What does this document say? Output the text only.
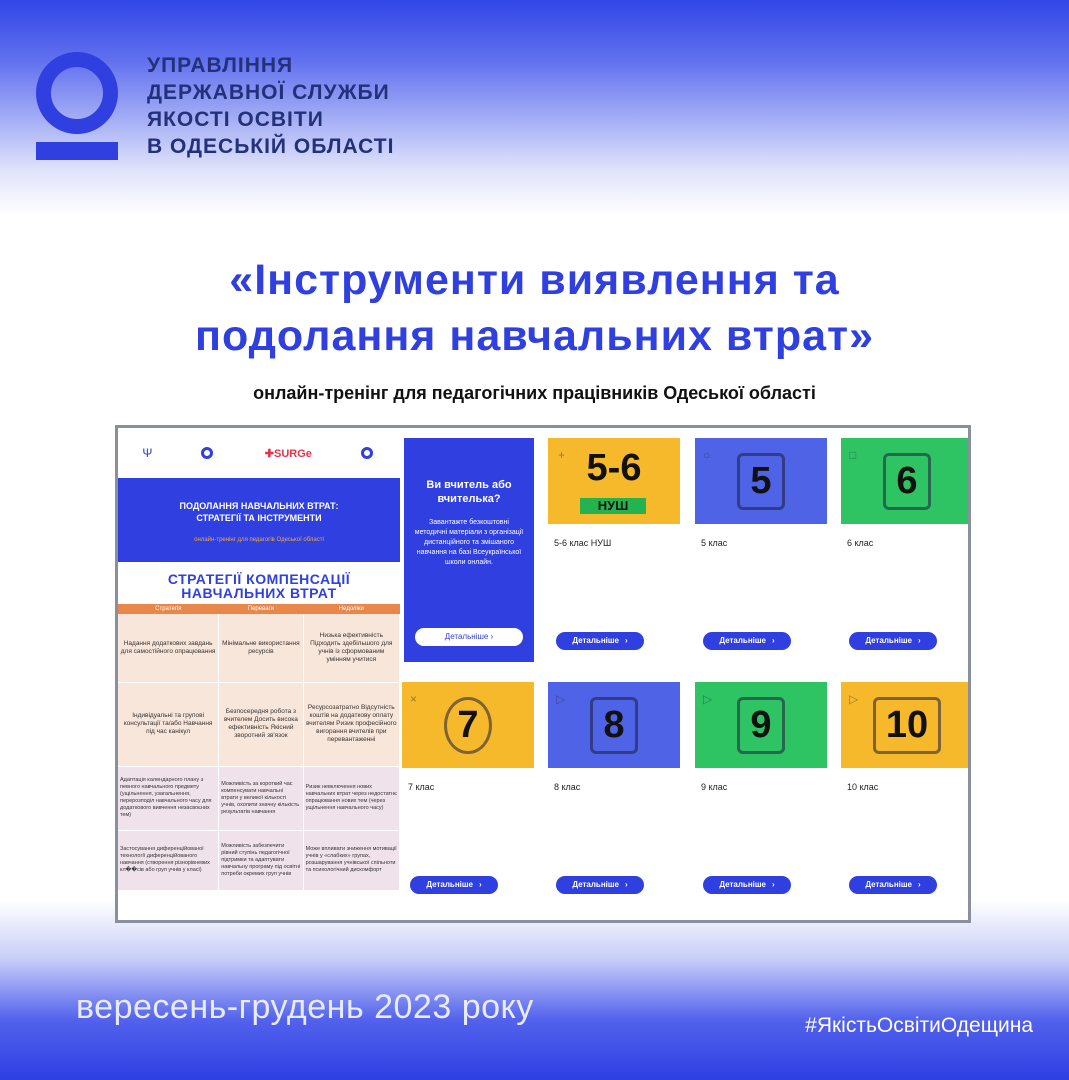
УПРАВЛІННЯ
ДЕРЖАВНОЇ СЛУЖБИ
ЯКОСТІ ОСВІТИ
В ОДЕСЬКІЙ ОБЛАСТІ
«Інструменти виявлення та
подолання навчальних втрат»
онлайн-тренінг для педагогічних працівників Одеської області
Ψ	✚SURGe
ПОДОЛАННЯ НАВЧАЛЬНИХ ВТРАТ:
СТРАТЕГІЇ ТА ІНСТРУМЕНТИ
онлайн-тренінг для педагогів Одеської області
СТРАТЕГІЇ КОМПЕНСАЦІЇ
НАВЧАЛЬНИХ ВТРАТ
Стратегія	Переваги	Недоліки
Надання додаткових завдань для самостійного опрацювання	Мінімальне використання ресурсів	Низька ефективність Підходить здебільшого для учнів із сформованим умінням учитися
Індивідуальні та групові консультації та/або Навчання під час канікул	Безпосередня робота з вчителем Досить висока ефективність Якісний зворотний зв'язок	Ресурсозатратно Відсутність коштів на додаткову оплату вчителям Ризик професійного вигорання вчителів при перевантаженні
Адаптація календарного плану з певного навчального предмету (ущільнення, узагальнення, перерозподіл навчального часу для додаткового вивчення незасвоєних тем)	Можливість за короткий час компенсувати навчальні втрати у великої кількості учнів, охопити значну кількість результатів навчання	Ризик невключення нових навчальних втрат через недостатнє опрацювання нових тем (через ущільнення навчального часу)
Застосування диференційованої технології диференційованого навчання (створення різнорівневих кл��сів або груп учнів у класі)	Можливість забезпечити рівний ступінь педагогічної підтримки та адаптувати навчальну програму під освітні потреби окремих груп учнів	Може впливати зниження мотивації учнів у «слабких» групах, розшарування учнівської спільноти та психологічний дискомфорт
Ви вчитель або вчителька?

Завантажте безкоштовні методичні матеріали з організації дистанційного та змішаного навчання на базі Всеукраїнської школи онлайн.

Детальніше ›
+ 5-6
НУШ
5-6 клас НУШ
Детальніше ›
○
5
5 клас
Детальніше ›
□
6
6 клас
Детальніше ›
×
7
7 клас
Детальніше ›
▷
8
8 клас
Детальніше ›
▷
9
9 клас
Детальніше ›
▷
10
10 клас
Детальніше ›
вересень-грудень 2023 року	#ЯкістьОсвітиОдещина
